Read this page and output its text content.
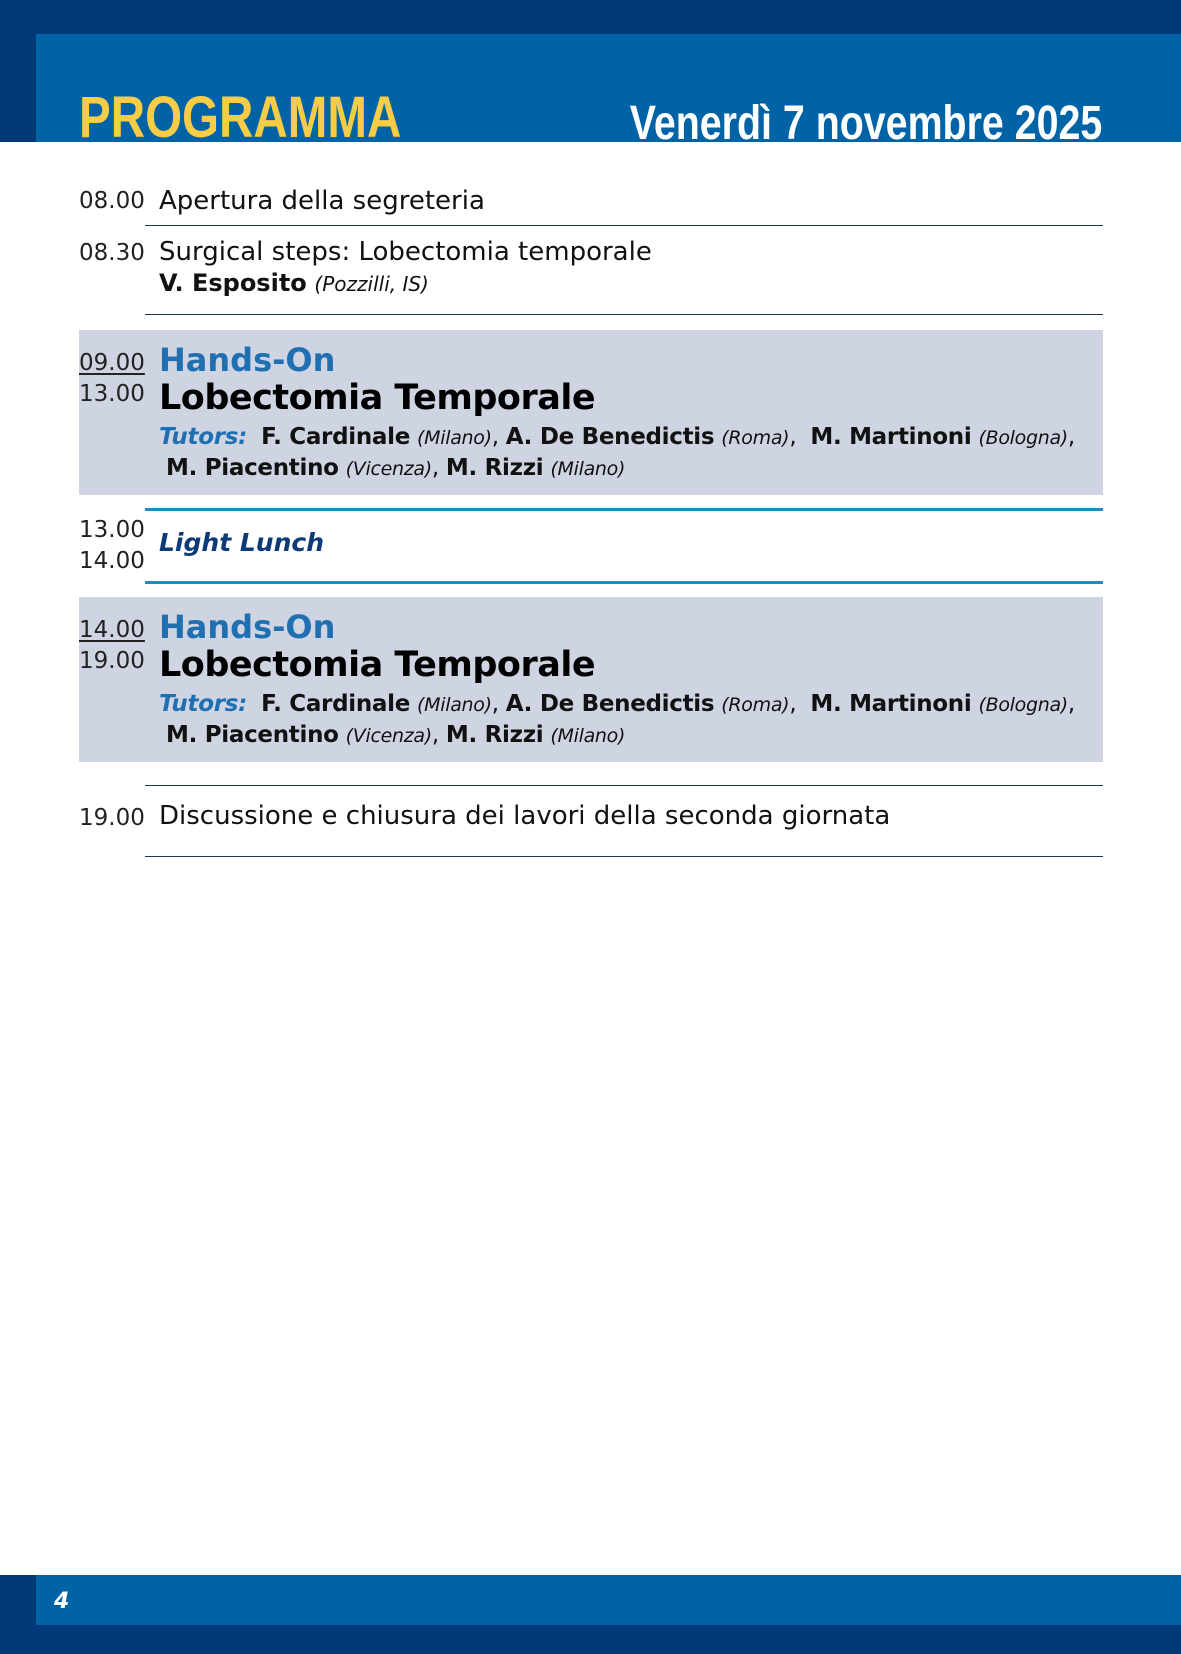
PROGRAMMA	Venerdì 7 novembre 2025
08.00 Apertura della segreteria
08.30 Surgical steps: Lobectomia temporale
V. Esposito (Pozzilli, IS)
09.00
13.00
Hands-On
Lobectomia Temporale
Tutors: F. Cardinale (Milano), A. De Benedictis (Roma),  M. Martinoni (Bologna),
M. Piacentino (Vicenza), M. Rizzi (Milano)
13.00
14.00
Light Lunch
14.00
19.00
Hands-On
Lobectomia Temporale
Tutors: F. Cardinale (Milano), A. De Benedictis (Roma),  M. Martinoni (Bologna),
M. Piacentino (Vicenza), M. Rizzi (Milano)
19.00 Discussione e chiusura dei lavori della seconda giornata
4
